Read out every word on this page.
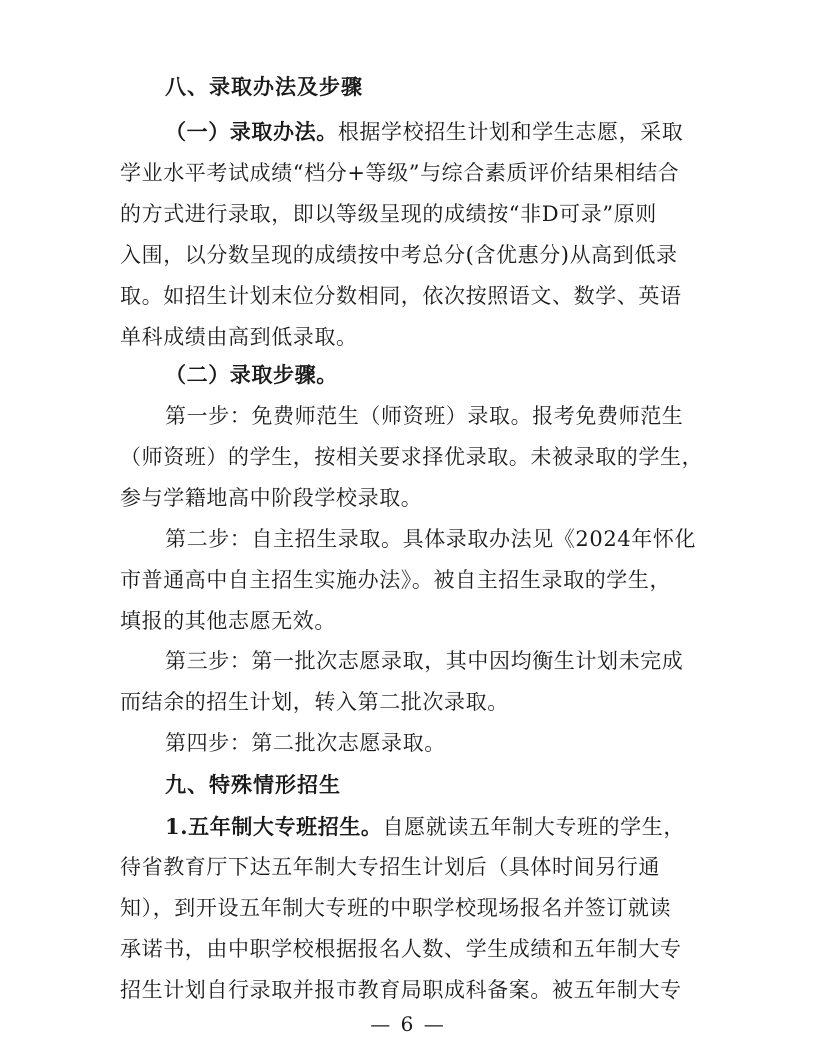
八、录取办法及步骤
（一）录取办法。根据学校招生计划和学生志愿，采取
学业水平考试成绩“档分+等级”与综合素质评价结果相结合
的方式进行录取，即以等级呈现的成绩按“非D可录”原则
入围，以分数呈现的成绩按中考总分(含优惠分)从高到低录
取。如招生计划末位分数相同，依次按照语文、数学、英语
单科成绩由高到低录取。
（二）录取步骤。
第一步：免费师范生（师资班）录取。报考免费师范生
（师资班）的学生，按相关要求择优录取。未被录取的学生，
参与学籍地高中阶段学校录取。
第二步：自主招生录取。具体录取办法见《2024年怀化
市普通高中自主招生实施办法》。被自主招生录取的学生，
填报的其他志愿无效。
第三步：第一批次志愿录取，其中因均衡生计划未完成
而结余的招生计划，转入第二批次录取。
第四步：第二批次志愿录取。
九、特殊情形招生
1.五年制大专班招生。自愿就读五年制大专班的学生，
待省教育厅下达五年制大专招生计划后（具体时间另行通
知），到开设五年制大专班的中职学校现场报名并签订就读
承诺书，由中职学校根据报名人数、学生成绩和五年制大专
招生计划自行录取并报市教育局职成科备案。被五年制大专
— 6 —
